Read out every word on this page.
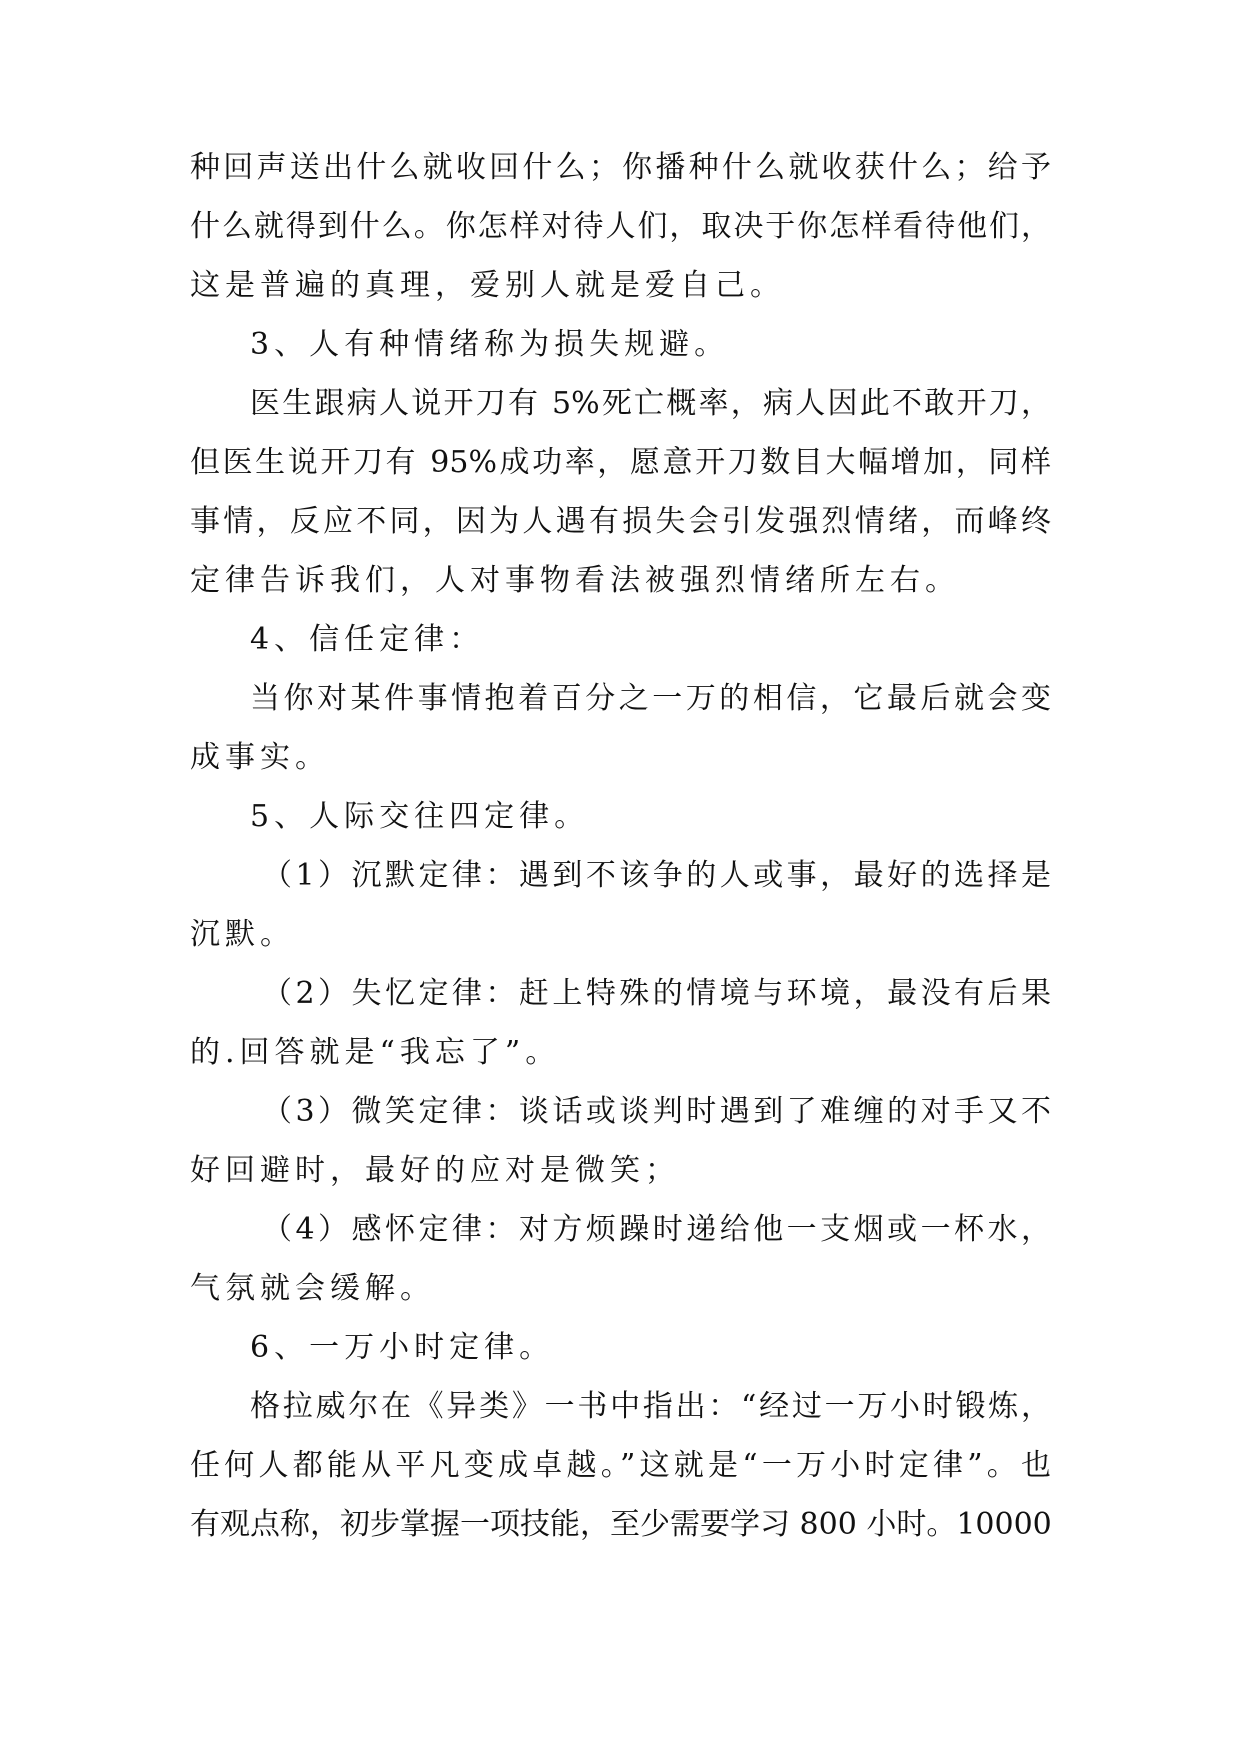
种回声送出什么就收回什么；你播种什么就收获什么；给予
什么就得到什么。你怎样对待人们，取决于你怎样看待他们，
这是普遍的真理，爱别人就是爱自己。
3、人有种情绪称为损失规避。
医生跟病人说开刀有 5%死亡概率，病人因此不敢开刀，
但医生说开刀有 95%成功率，愿意开刀数目大幅增加，同样
事情，反应不同，因为人遇有损失会引发强烈情绪，而峰终
定律告诉我们，人对事物看法被强烈情绪所左右。
4、信任定律：
当你对某件事情抱着百分之一万的相信，它最后就会变
成事实。
5、人际交往四定律。
（1）沉默定律：遇到不该争的人或事，最好的选择是
沉默。
（2）失忆定律：赶上特殊的情境与环境，最没有后果
的.回答就是“我忘了”。
（3）微笑定律：谈话或谈判时遇到了难缠的对手又不
好回避时，最好的应对是微笑；
（4）感怀定律：对方烦躁时递给他一支烟或一杯水，
气氛就会缓解。
6、一万小时定律。
格拉威尔在《异类》一书中指出：“经过一万小时锻炼，
任何人都能从平凡变成卓越。”这就是“一万小时定律”。也
有观点称，初步掌握一项技能，至少需要学习 800 小时。10000
